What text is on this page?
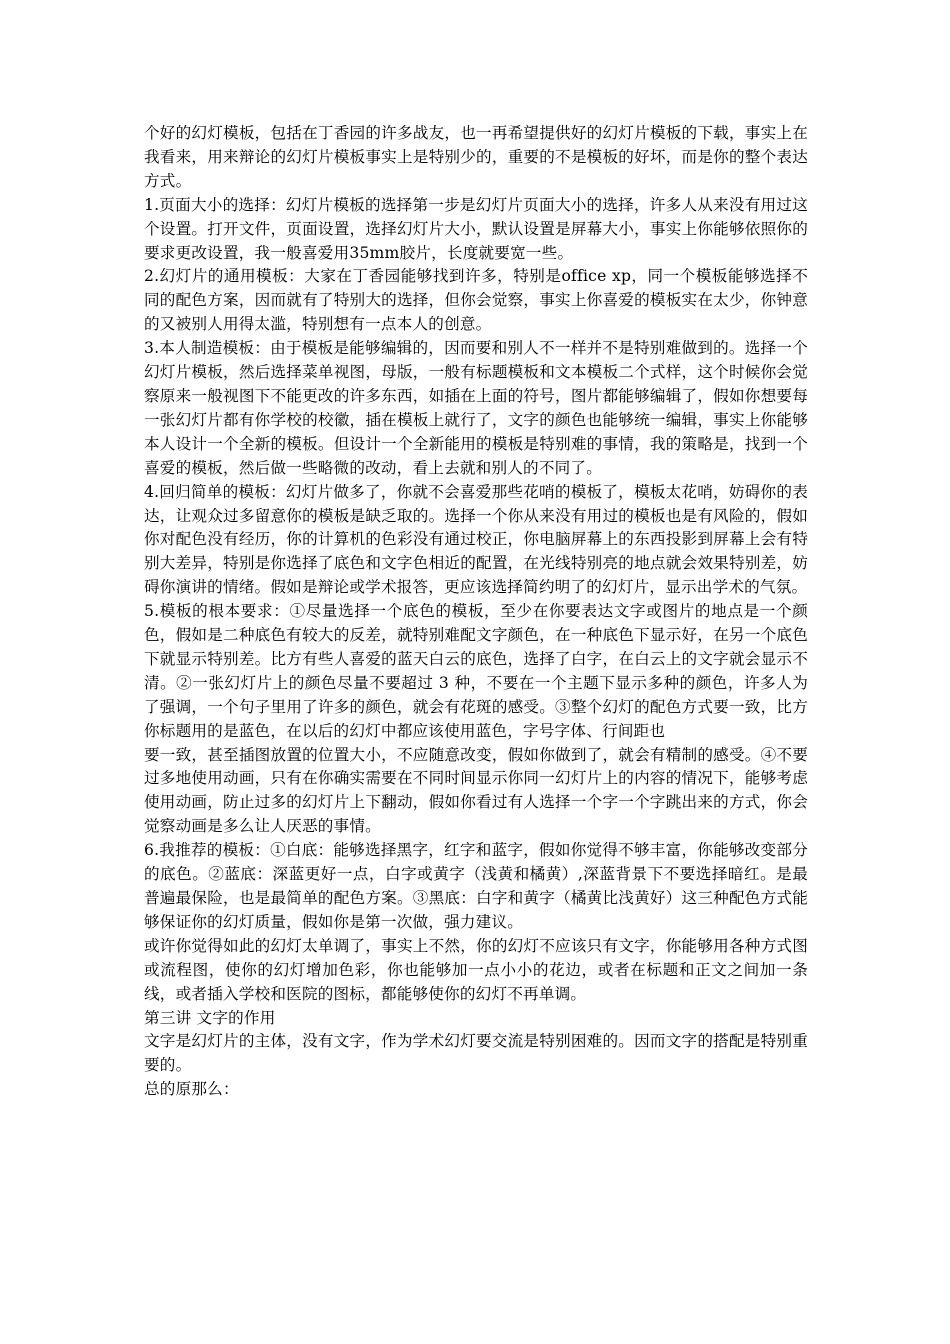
个好的幻灯模板，包括在丁香园的许多战友，也一再希望提供好的幻灯片模板的下载，事实上在我看来，用来辩论的幻灯片模板事实上是特别少的，重要的不是模板的好坏，而是你的整个表达方式。

1.页面大小的选择：幻灯片模板的选择第一步是幻灯片页面大小的选择，许多人从来没有用过这个设置。打开文件，页面设置，选择幻灯片大小，默认设置是屏幕大小，事实上你能够依照你的要求更改设置，我一般喜爱用35mm胶片，长度就要宽一些。

2.幻灯片的通用模板：大家在丁香园能够找到许多，特别是office xp，同一个模板能够选择不同的配色方案，因而就有了特别大的选择，但你会觉察，事实上你喜爱的模板实在太少，你钟意的又被别人用得太滥，特别想有一点本人的创意。

3.本人制造模板：由于模板是能够编辑的，因而要和别人不一样并不是特别难做到的。选择一个幻灯片模板，然后选择菜单视图，母版，一般有标题模板和文本模板二个式样，这个时候你会觉察原来一般视图下不能更改的许多东西，如插在上面的符号，图片都能够编辑了，假如你想要每一张幻灯片都有你学校的校徽，插在模板上就行了，文字的颜色也能够统一编辑，事实上你能够本人设计一个全新的模板。但设计一个全新能用的模板是特别难的事情，我的策略是，找到一个喜爱的模板，然后做一些略微的改动，看上去就和别人的不同了。

4.回归简单的模板：幻灯片做多了，你就不会喜爱那些花哨的模板了，模板太花哨，妨碍你的表达，让观众过多留意你的模板是缺乏取的。选择一个你从来没有用过的模板也是有风险的，假如你对配色没有经历，你的计算机的色彩没有通过校正，你电脑屏幕上的东西投影到屏幕上会有特别大差异，特别是你选择了底色和文字色相近的配置，在光线特别亮的地点就会效果特别差，妨碍你演讲的情绪。假如是辩论或学术报答，更应该选择简约明了的幻灯片，显示出学术的气氛。

5.模板的根本要求：①尽量选择一个底色的模板，至少在你要表达文字或图片的地点是一个颜色，假如是二种底色有较大的反差，就特别难配文字颜色，在一种底色下显示好，在另一个底色下就显示特别差。比方有些人喜爱的蓝天白云的底色，选择了白字，在白云上的文字就会显示不清。②一张幻灯片上的颜色尽量不要超过 3 种，不要在一个主题下显示多种的颜色，许多人为了强调，一个句子里用了许多的颜色，就会有花斑的感受。③整个幻灯的配色方式要一致，比方你标题用的是蓝色，在以后的幻灯中都应该使用蓝色，字号字体、行间距也

要一致，甚至插图放置的位置大小，不应随意改变，假如你做到了，就会有精制的感受。④不要过多地使用动画，只有在你确实需要在不同时间显示你同一幻灯片上的内容的情况下，能够考虑使用动画，防止过多的幻灯片上下翻动，假如你看过有人选择一个字一个字跳出来的方式，你会觉察动画是多么让人厌恶的事情。

6.我推荐的模板：①白底：能够选择黑字，红字和蓝字，假如你觉得不够丰富，你能够改变部分的底色。②蓝底：深蓝更好一点，白字或黄字（浅黄和橘黄）,深蓝背景下不要选择暗红。是最普遍最保险，也是最简单的配色方案。③黑底：白字和黄字（橘黄比浅黄好）这三种配色方式能够保证你的幻灯质量，假如你是第一次做，强力建议。

或许你觉得如此的幻灯太单调了，事实上不然，你的幻灯不应该只有文字，你能够用各种方式图或流程图，使你的幻灯增加色彩，你也能够加一点小小的花边，或者在标题和正文之间加一条线，或者插入学校和医院的图标，都能够使你的幻灯不再单调。

第三讲 文字的作用

文字是幻灯片的主体，没有文字，作为学术幻灯要交流是特别困难的。因而文字的搭配是特别重要的。

总的原那么：
